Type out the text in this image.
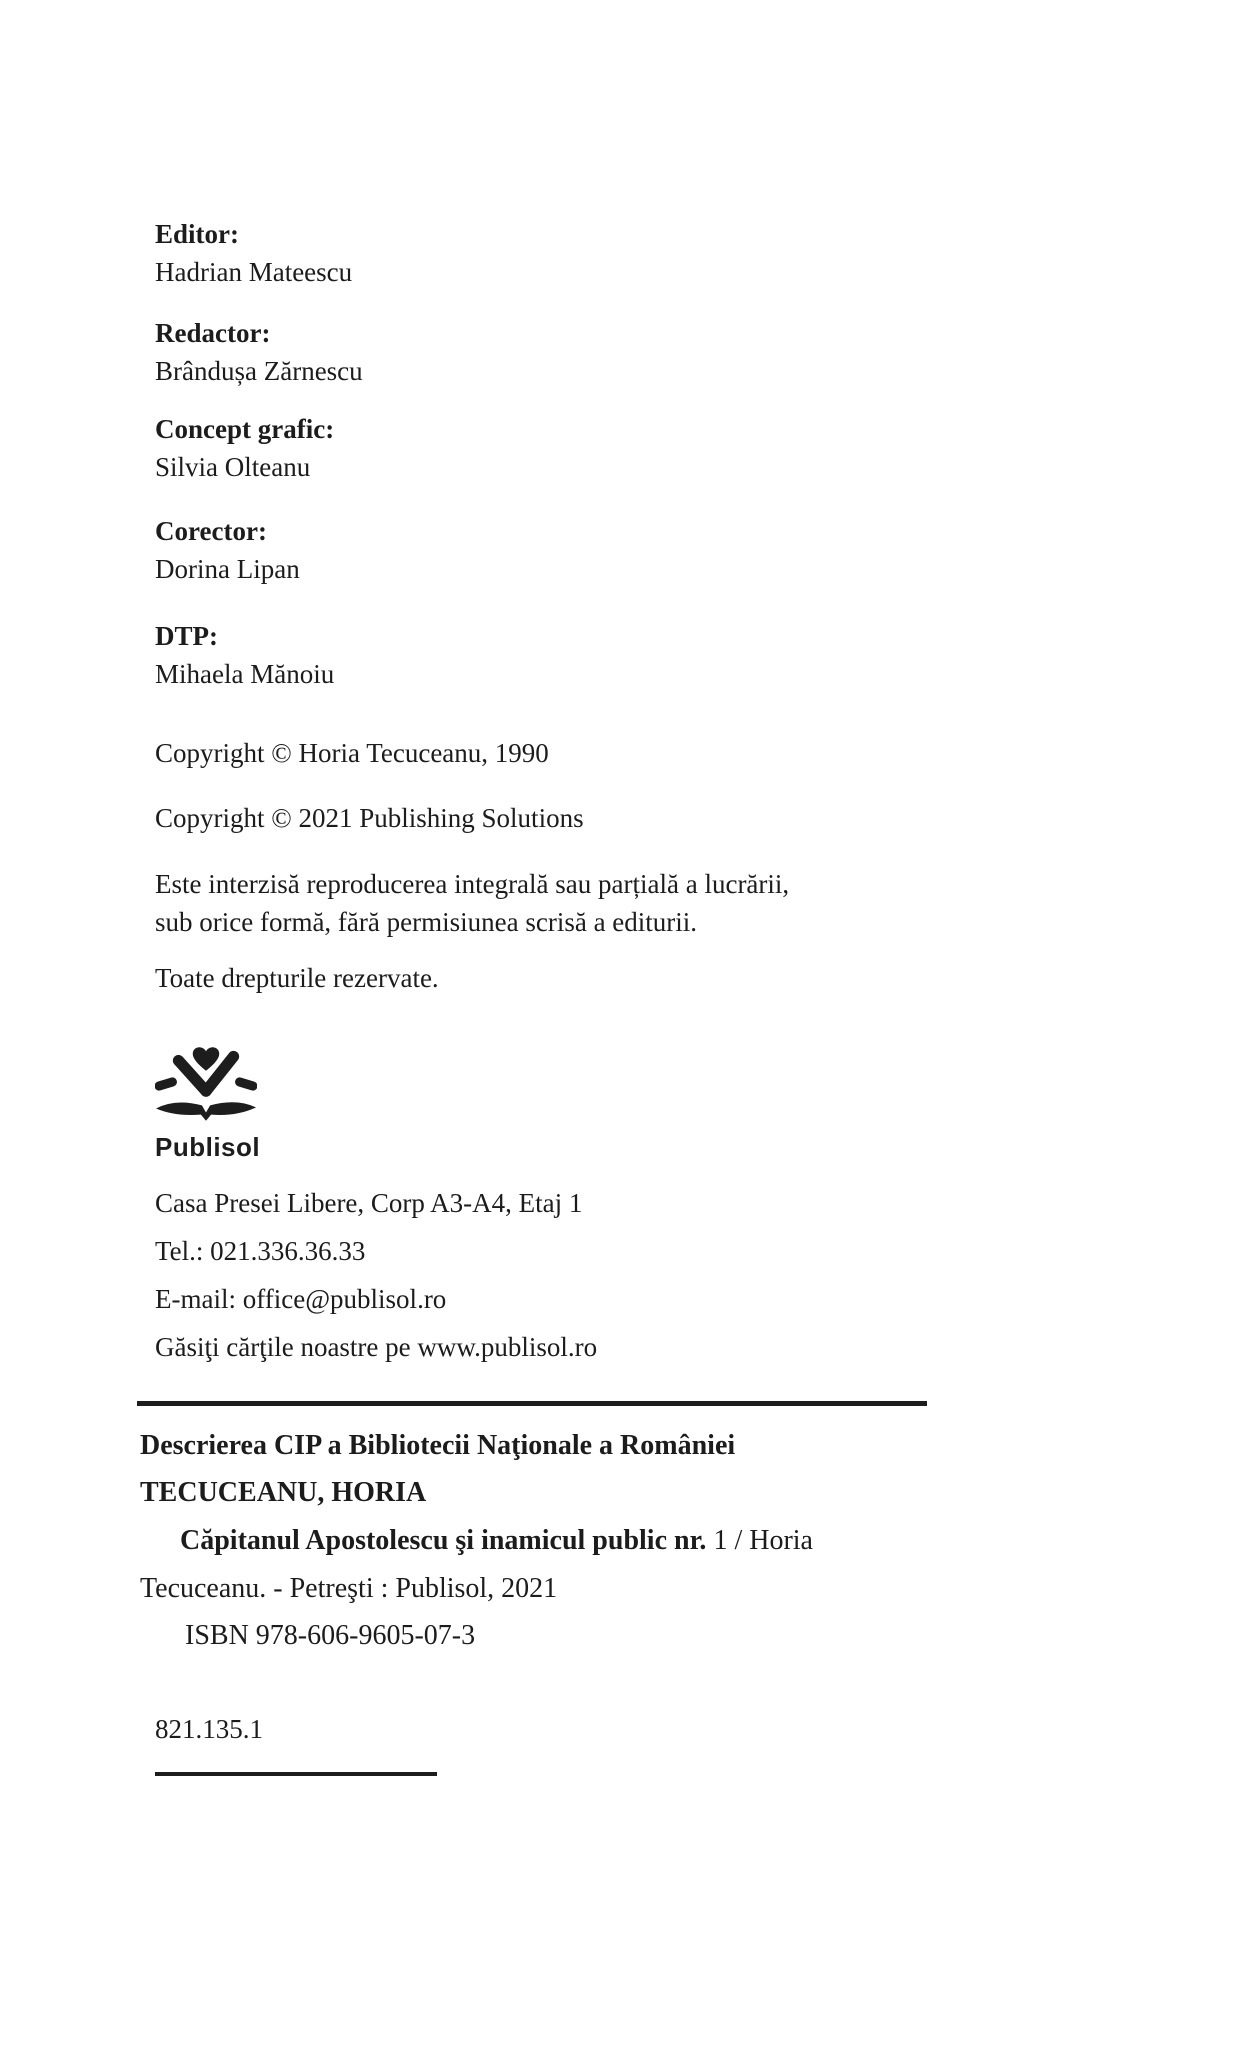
Editor:
Hadrian Mateescu
Redactor:
Brândușa Zărnescu
Concept grafic:
Silvia Olteanu
Corector:
Dorina Lipan
DTP:
Mihaela Mănoiu
Copyright © Horia Tecuceanu, 1990
Copyright © 2021 Publishing Solutions
Este interzisă reproducerea integrală sau parțială a lucrării,
sub orice formă, fără permisiunea scrisă a editurii.
Toate drepturile rezervate.
Publisol
Casa Presei Libere, Corp A3-A4, Etaj 1
Tel.: 021.336.36.33
E-mail: office@publisol.ro
Găsiţi cărţile noastre pe www.publisol.ro
Descrierea CIP a Bibliotecii Naţionale a României
TECUCEANU, HORIA
Căpitanul Apostolescu şi inamicul public nr. 1 / Horia
Tecuceanu. - Petreşti : Publisol, 2021
ISBN 978-606-9605-07-3
821.135.1
